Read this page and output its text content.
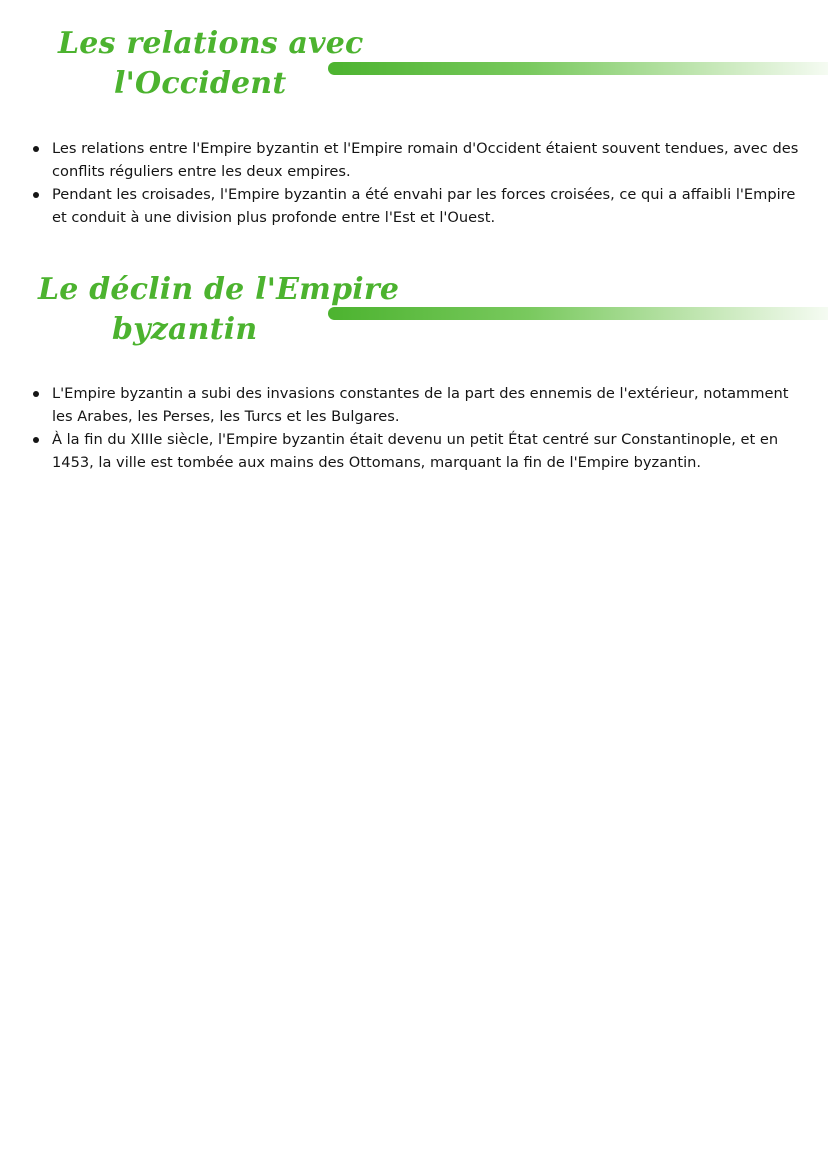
Les relations avec
l'Occident
Les relations entre l'Empire byzantin et l'Empire romain d'Occident étaient souvent tendues, avec des conflits réguliers entre les deux empires.
Pendant les croisades, l'Empire byzantin a été envahi par les forces croisées, ce qui a affaibli l'Empire et conduit à une division plus profonde entre l'Est et l'Ouest.
Le déclin de l'Empire
byzantin
L'Empire byzantin a subi des invasions constantes de la part des ennemis de l'extérieur, notamment les Arabes, les Perses, les Turcs et les Bulgares.
À la fin du XIIIe siècle, l'Empire byzantin était devenu un petit État centré sur Constantinople, et en 1453, la ville est tombée aux mains des Ottomans, marquant la fin de l'Empire byzantin.
